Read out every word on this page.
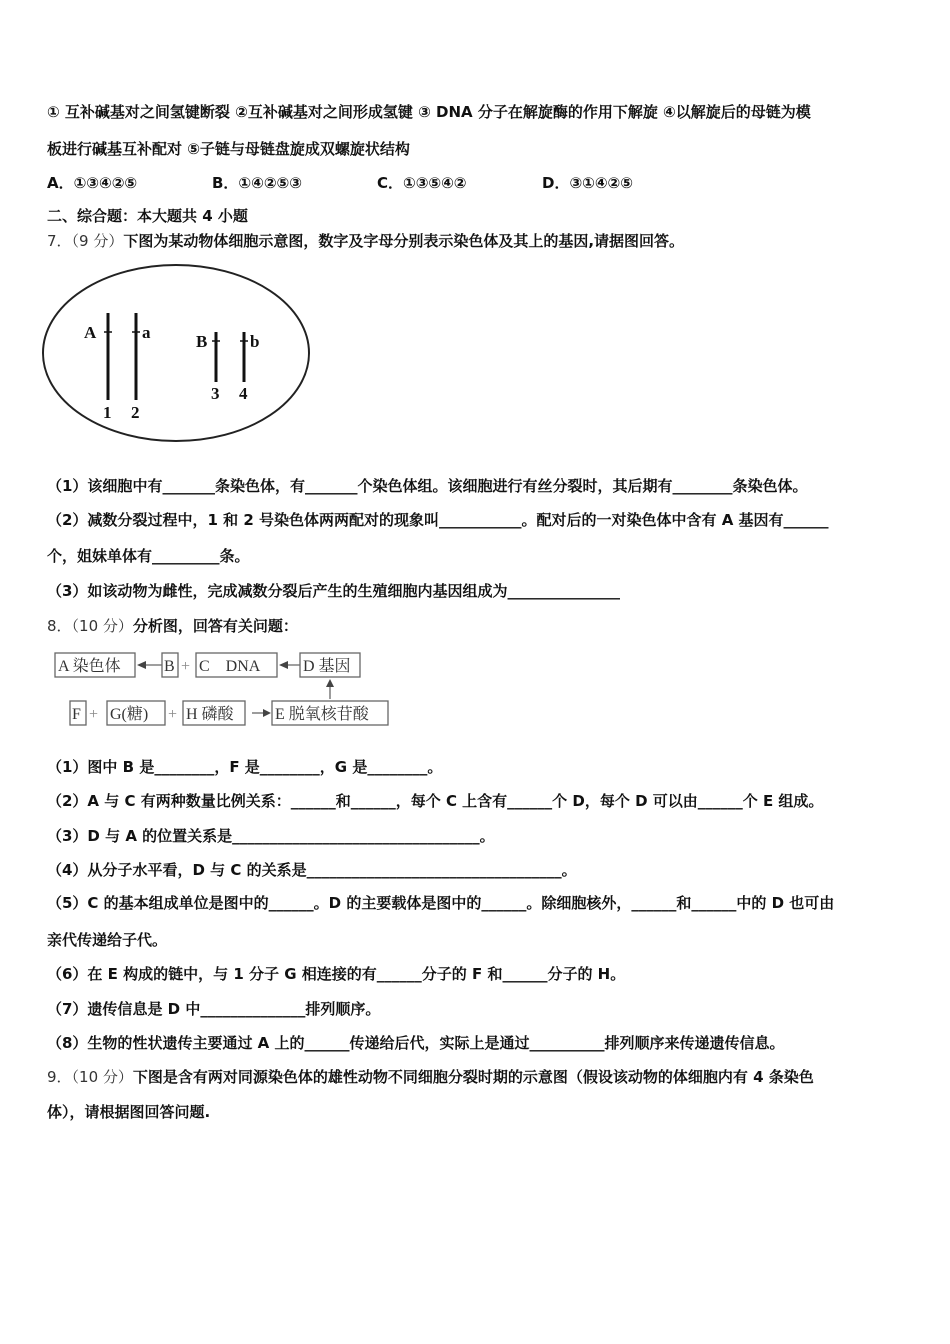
① 互补碱基对之间氢键断裂 ②互补碱基对之间形成氢键 ③ DNA 分子在解旋酶的作用下解旋 ④以解旋后的母链为模
板进行碱基互补配对 ⑤子链与母链盘旋成双螺旋状结构
A．①③④②⑤	B．①④②⑤③	C．①③⑤④②	D．③①④②⑤
二、综合题：本大题共 4 小题
7．（9 分）下图为某动物体细胞示意图，数字及字母分别表示染色体及其上的基因,请据图回答。
A	a	B	b
1 2
3 4
（1）该细胞中有_______条染色体，有_______个染色体组。该细胞进行有丝分裂时，其后期有________条染色体。
（2）减数分裂过程中，1 和 2 号染色体两两配对的现象叫___________。配对后的一对染色体中含有 A 基因有______
个，姐妹单体有_________条。
（3）如该动物为雌性，完成减数分裂后产生的生殖细胞内基因组成为_______________
8．（10 分）分析图，回答有关问题：
A 染色体	B + C　DNA	D 基因
F + G(糖) + H 磷酸	E 脱氧核苷酸
（1）图中 B 是________，F 是________，G 是________。
（2）A 与 C 有两种数量比例关系：______和______，每个 C 上含有______个 D，每个 D 可以由______个 E 组成。
（3）D 与 A 的位置关系是_________________________________。
（4）从分子水平看，D 与 C 的关系是__________________________________。
（5）C 的基本组成单位是图中的______。D 的主要载体是图中的______。除细胞核外，______和______中的 D 也可由
亲代传递给子代。
（6）在 E 构成的链中，与 1 分子 G 相连接的有______分子的 F 和______分子的 H。
（7）遗传信息是 D 中______________排列顺序。
（8）生物的性状遗传主要通过 A 上的______传递给后代，实际上是通过__________排列顺序来传递遗传信息。
9．（10 分）下图是含有两对同源染色体的雄性动物不同细胞分裂时期的示意图（假设该动物的体细胞内有 4 条染色
体），请根据图回答问题.
